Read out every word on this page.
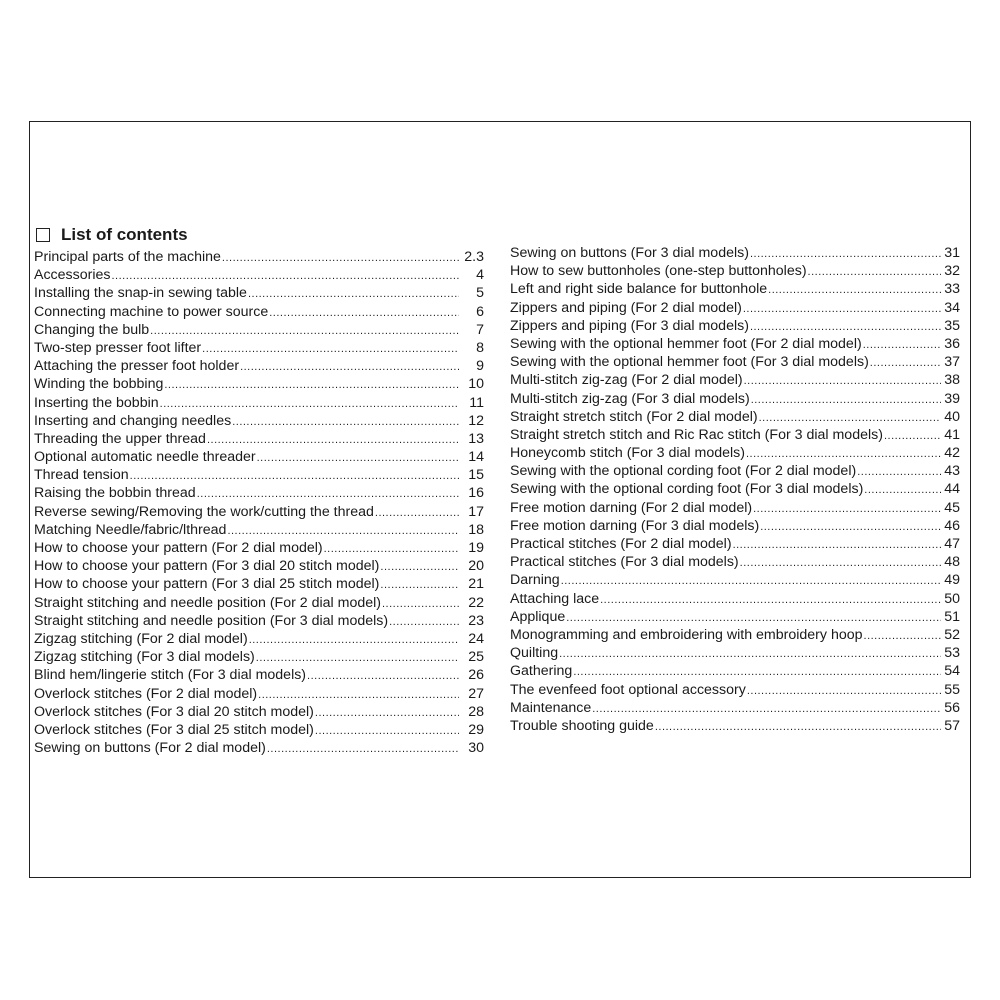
List of contents
Principal parts of the machine .....	2.3
Accessories .....	4
Installing the snap-in sewing table .....	5
Connecting machine to power source .....	6
Changing the bulb .....	7
Two-step presser foot lifter .....	8
Attaching the presser foot holder .....	9
Winding the bobbing .....	10
Inserting the bobbin .....	11
Inserting and changing needles .....	12
Threading the upper thread .....	13
Optional automatic needle threader .....	14
Thread tension .....	15
Raising the bobbin thread .....	16
Reverse sewing/Removing the work/cutting the thread .....	17
Matching Needle/fabric/lthread .....	18
How to choose your pattern (For 2 dial model) .....	19
How to choose your pattern (For 3 dial 20 stitch model) .....	20
How to choose your pattern (For 3 dial 25 stitch model) .....	21
Straight stitching and needle position (For 2 dial model) .....	22
Straight stitching and needle position (For 3 dial models) .....	23
Zigzag stitching (For 2 dial model) .....	24
Zigzag stitching (For 3 dial models) .....	25
Blind hem/lingerie stitch (For 3 dial models) .....	26
Overlock stitches (For 2 dial model) .....	27
Overlock stitches (For 3 dial 20 stitch model) .....	28
Overlock stitches (For 3 dial 25 stitch model) .....	29
Sewing on buttons (For 2 dial model) .....	30
Sewing on buttons (For 3 dial models) .....	31
How to sew buttonholes (one-step buttonholes) .....	32
Left and right side balance for buttonhole .....	33
Zippers and piping (For 2 dial model) .....	34
Zippers and piping (For 3 dial models) .....	35
Sewing with the optional hemmer foot (For 2 dial model) .....	36
Sewing with the optional hemmer foot (For 3 dial models) .....	37
Multi-stitch zig-zag (For 2 dial model) .....	38
Multi-stitch zig-zag (For 3 dial models) .....	39
Straight stretch stitch (For 2 dial model) .....	40
Straight stretch stitch and Ric Rac stitch (For 3 dial models) .....	41
Honeycomb stitch (For 3 dial models) .....	42
Sewing with the optional cording foot (For 2 dial model) .....	43
Sewing with the optional cording foot (For 3 dial models) .....	44
Free motion darning (For 2 dial model) .....	45
Free motion darning (For 3 dial models) .....	46
Practical stitches (For 2 dial model) .....	47
Practical stitches (For 3 dial models) .....	48
Darning .....	49
Attaching lace .....	50
Applique .....	51
Monogramming and embroidering with embroidery hoop .....	52
Quilting .....	53
Gathering .....	54
The evenfeed foot optional accessory .....	55
Maintenance .....	56
Trouble shooting guide .....	57
